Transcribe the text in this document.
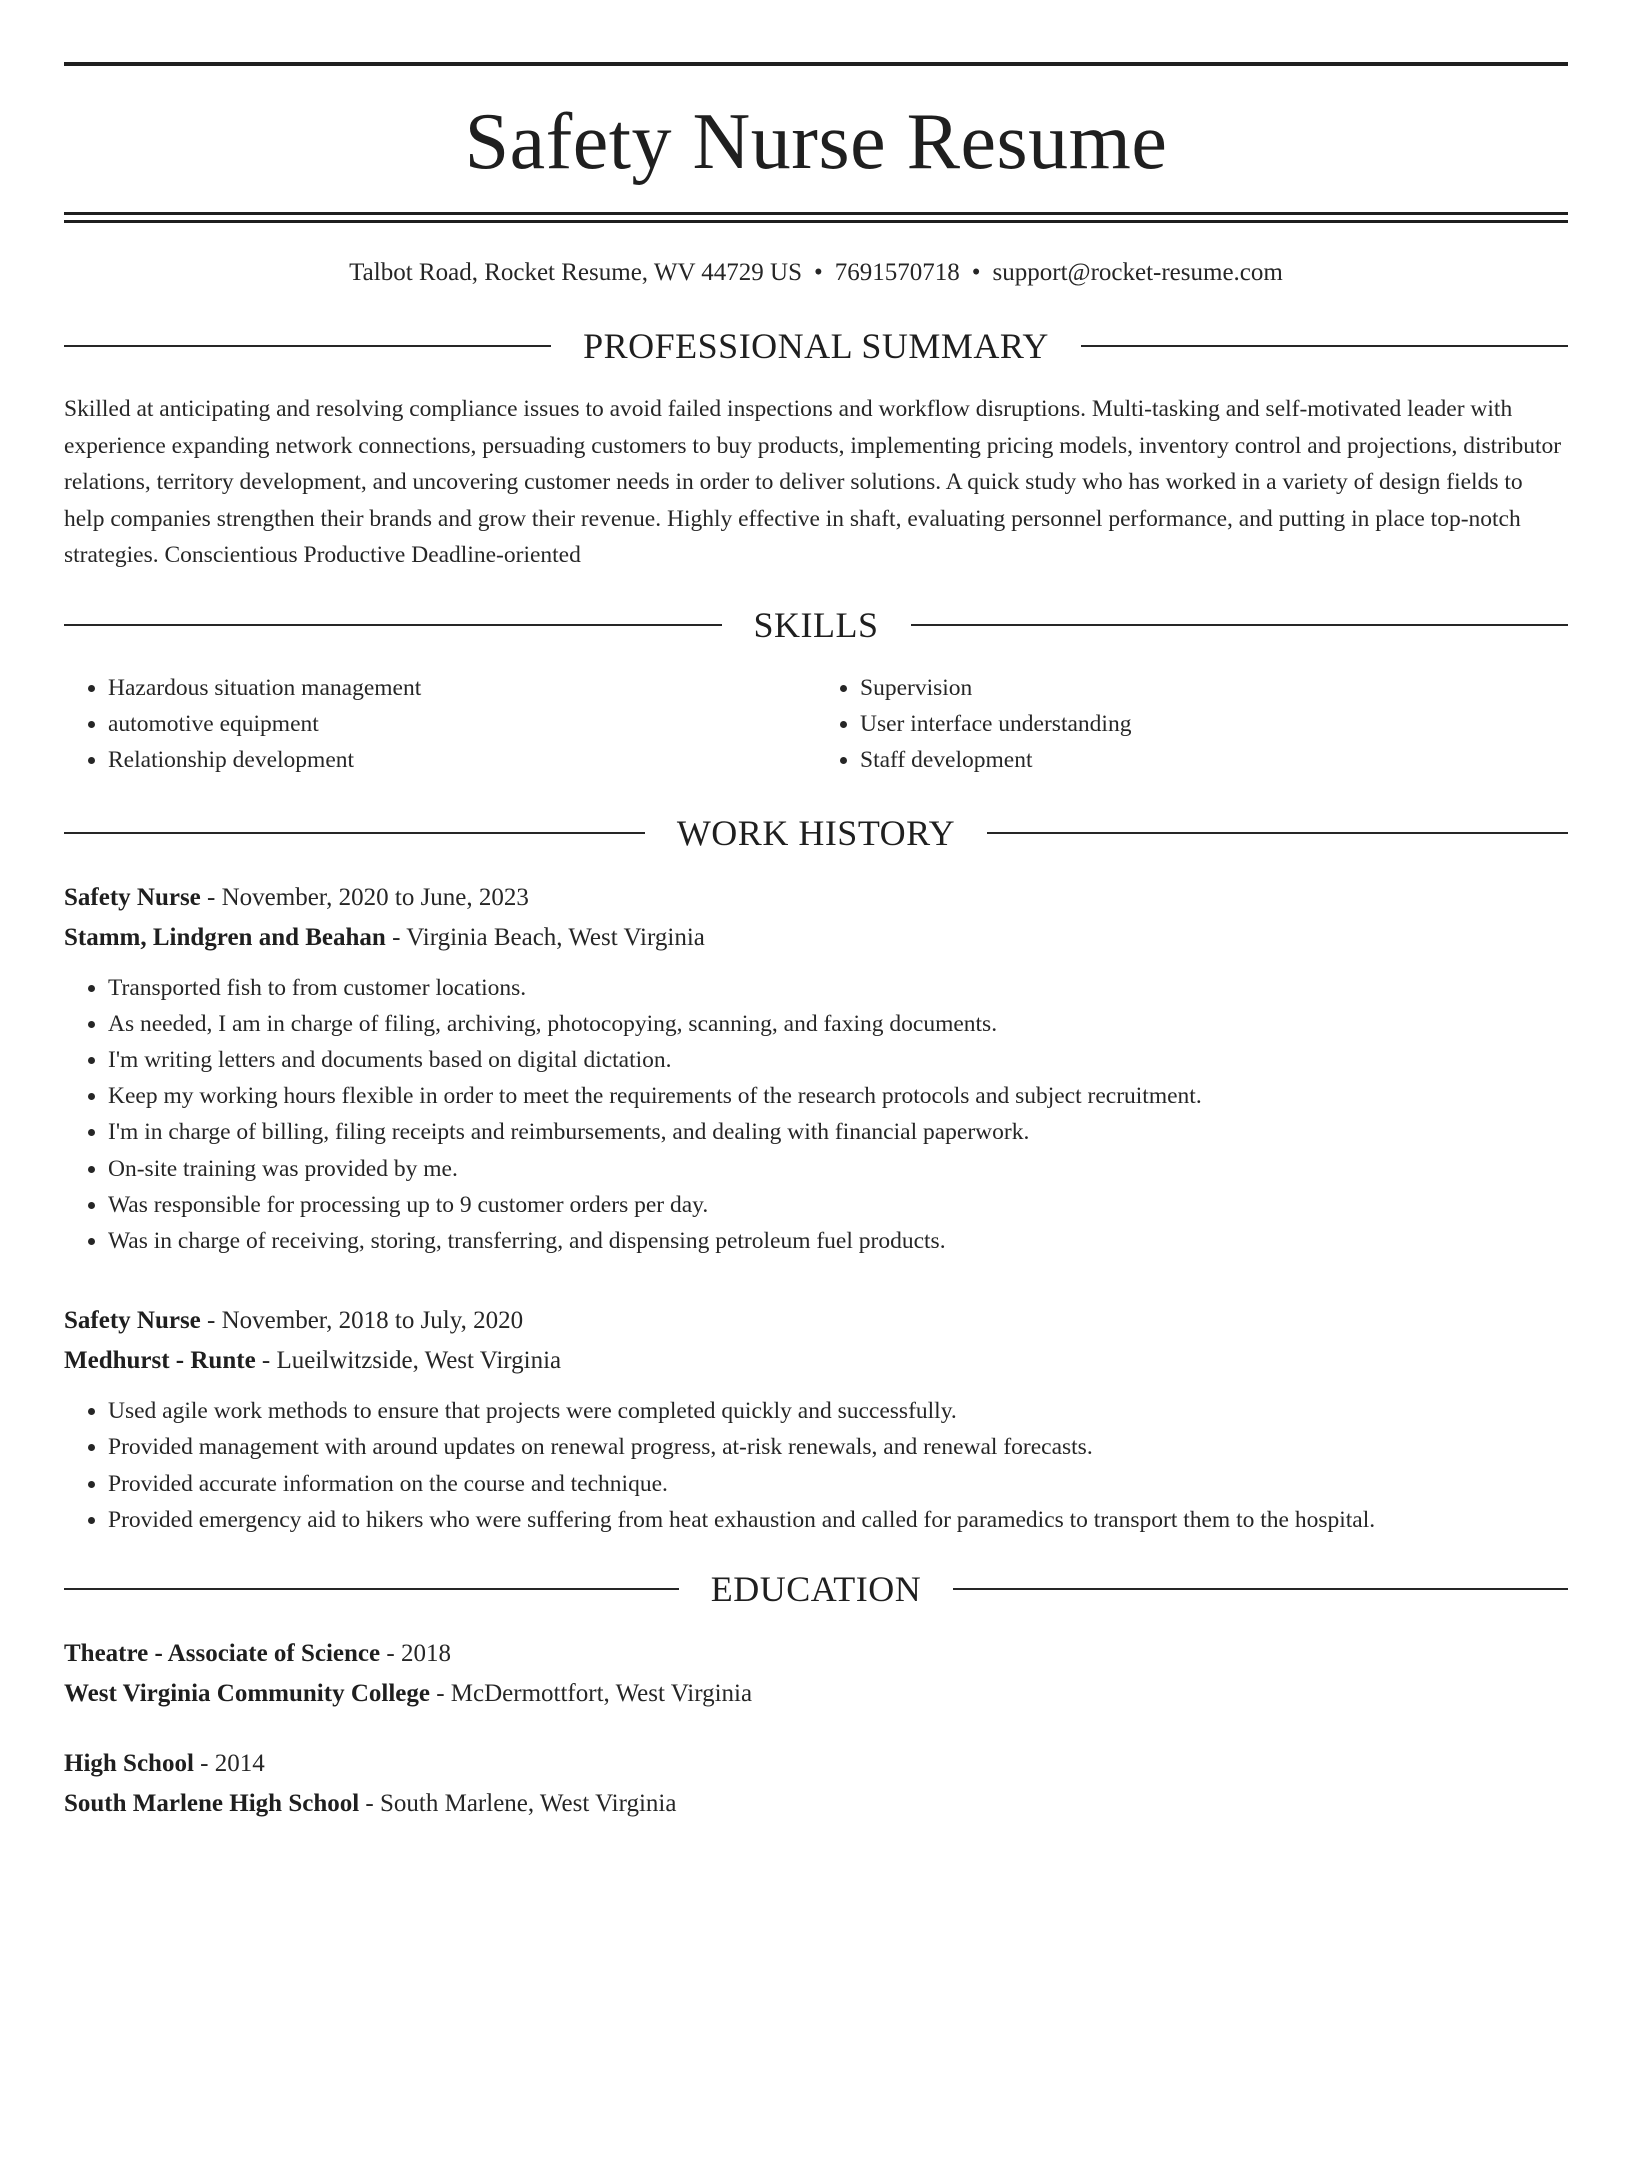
Safety Nurse Resume
Talbot Road, Rocket Resume, WV 44729 US • 7691570718 • support@rocket-resume.com
PROFESSIONAL SUMMARY
Skilled at anticipating and resolving compliance issues to avoid failed inspections and workflow disruptions. Multi-tasking and self-motivated leader with experience expanding network connections, persuading customers to buy products, implementing pricing models, inventory control and projections, distributor relations, territory development, and uncovering customer needs in order to deliver solutions. A quick study who has worked in a variety of design fields to help companies strengthen their brands and grow their revenue. Highly effective in shaft, evaluating personnel performance, and putting in place top-notch strategies. Conscientious Productive Deadline-oriented
SKILLS
• Hazardous situation management
• automotive equipment
• Relationship development
• Supervision
• User interface understanding
• Staff development
WORK HISTORY
Safety Nurse - November, 2020 to June, 2023
Stamm, Lindgren and Beahan - Virginia Beach, West Virginia
• Transported fish to from customer locations.
• As needed, I am in charge of filing, archiving, photocopying, scanning, and faxing documents.
• I'm writing letters and documents based on digital dictation.
• Keep my working hours flexible in order to meet the requirements of the research protocols and subject recruitment.
• I'm in charge of billing, filing receipts and reimbursements, and dealing with financial paperwork.
• On-site training was provided by me.
• Was responsible for processing up to 9 customer orders per day.
• Was in charge of receiving, storing, transferring, and dispensing petroleum fuel products.
Safety Nurse - November, 2018 to July, 2020
Medhurst - Runte - Lueilwitzside, West Virginia
• Used agile work methods to ensure that projects were completed quickly and successfully.
• Provided management with around updates on renewal progress, at-risk renewals, and renewal forecasts.
• Provided accurate information on the course and technique.
• Provided emergency aid to hikers who were suffering from heat exhaustion and called for paramedics to transport them to the hospital.
EDUCATION
Theatre - Associate of Science - 2018
West Virginia Community College - McDermottfort, West Virginia
High School - 2014
South Marlene High School - South Marlene, West Virginia
